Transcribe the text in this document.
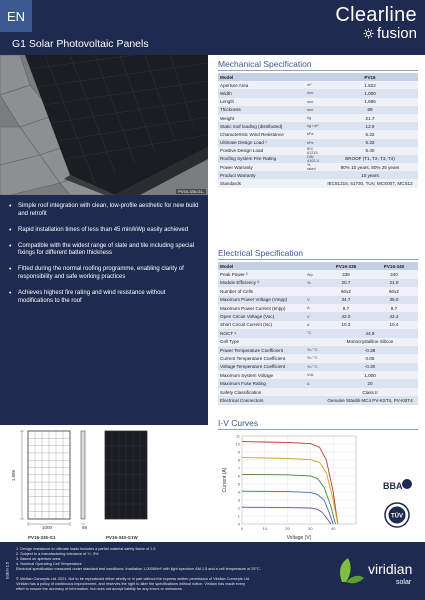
EN
G1 Solar Photovoltaic Panels
Clearline
fusion
PV16-335-G1‐
• Simple roof integration with clean, low-profile aesthetic for new build and retrofit
• Rapid installation times of less than 45 min/kWp easily achieved
• Compatible with the widest range of slate and tile including special fixings for different batten thickness
• Fitted during the normal roofing programme, enabling clarity of responsibility and safe working practices
• Achieves highest fire rating and wind resistance without modifications to the roof
1,686
1000	69
PV16-335-G1	PV16-340-G1W
Mechanical Specification
Model		PV16
Aperture Area	m²	1.622
Width	mm	1,000
Length	mm	1,686
Thickness	mm	69
Weight	kg	21.7
Static roof loading (distributed)	kg / m²	12.9
Characteristic Wind Resistance	kPa	5.32
Ultimate Design Load ¹	kPa	5.32
Positive Design Load	IEC 61215	5.40
Roofing System Fire Rating	DIN 4102-4	BROOF (T1, T2, T3, T4)
Power Warranty	% rated	90% 10 years, 80% 25 years
Product Warranty		10 years
Standards		IEC61215, 61730, TUV, MCS007, MCS12
Electrical Specification
Model		PV16-335	PV16-340
Peak Power ²	Wp	335	340
Module Efficiency ³	%	20.7	21.0
Number of Cells		60x2	60x2
Maximum Power Voltage (Vmpp)	V	34.7	35.0
Maximum Power Current (Impp)	A	9.7	9.7
Open Circuit Voltage (Voc)	V	42.0	42.4
Short Circuit Current (Isc)	A	10.3	10.4
NOCT ⁴	°C	44.9	
Cell Type		Monocrystalline Silicon	
Power Temperature Coefficient	% / °C	-0.38	
Current Temperature Coefficient	% / °C	0.05	
Voltage Temperature Coefficient	% / °C	-0.30	
Maximum System Voltage	Vdc	1,000	
Maximum Fuse Rating	A	20	
Safety Classification		Class II	
Electrical Connectors		Genuine Stäubli MC4 PV-KST4, PV-KBT4	
I-V Curves
0
1
2
3
4
5
6
7
8
9
10
11
0	10	20	30	40
Voltage (V)
Current (A)	BBA
TÜV
G1EN 1.5
1. Design resistance to ultimate loads includes a partial material safety factor of 1.5
2. Subject to a manufacturing tolerance of +/- 3%.
3. Based on aperture area.
4. Nominal Operating Cell Temperature
Electrical specification measured under standard test conditions: Irradiation 1,000W/m² with light spectrum AM 1.5 and a cell temperature of 25°C.
© Viridian Concepts Ltd. 2021. Not to be reproduced either wholly or in part without the express written permission of Viridian Concepts Ltd.
Viridian has a policy of continuous improvement, and reserves the right to alter the specifications without notice. Viridian has made every
effort to ensure the accuracy of information, but does not accept liability for any errors or omissions.
viridian
solar
